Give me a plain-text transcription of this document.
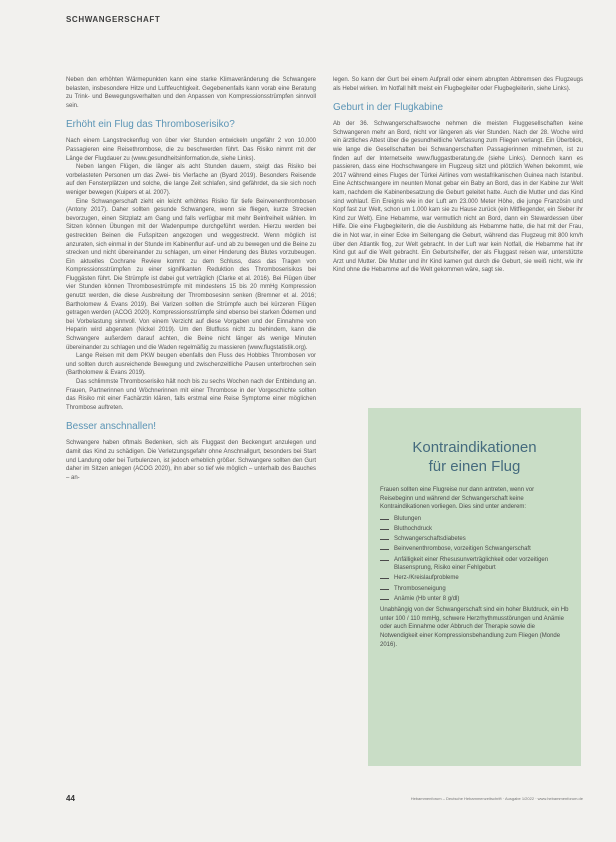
SCHWANGERSCHAFT

Neben den erhöhten Wärmepunkten kann eine starke Klimaveränderung die Schwangere belasten, insbesondere Hitze und Luftfeuchtigkeit. Gegebenenfalls kann vorab eine Beratung zu Trink- und Bewegungsverhalten und den Anpassen von Kompressionsstrümpfen sinnvoll sein.

Erhöht ein Flug das Thromboserisiko?

Nach einem Langstreckenflug von über vier Stunden entwickeln ungefähr 2 von 10.000 Passagieren eine Reisethrombose, die zu beschwerden führt. Das Risiko nimmt mit der Länge der Flugdauer zu (www.gesundheitsinformation.de, siehe Links).

Neben langen Flügen, die länger als acht Stunden dauern, steigt das Risiko bei vorbelasteten Personen um das Zwei- bis Vierfache an (Byard 2019). Besonders Reisende auf den Fensterplätzen und solche, die lange Zeit schlafen, sind gefährdet, da sie sich noch weniger bewegen (Kuipers et al. 2007).

Eine Schwangerschaft zieht ein leicht erhöhtes Risiko für tiefe Beinvenenthrombosen (Antony 2017). Daher sollten gesunde Schwangere, wenn sie fliegen, kurze Strecken bevorzugen, einen Sitzplatz am Gang und falls verfügbar mit mehr Beinfreiheit wählen. Im Sitzen können Übungen mit der Wadenpumpe durchgeführt werden. Hierzu werden bei gestreckten Beinen die Fußspitzen angezogen und weggestreckt. Wenn möglich ist anzuraten, sich einmal in der Stunde im Kabinenflur auf- und ab zu bewegen und die Beine zu strecken und nicht übereinander zu schlagen, um einer Hinderung des Blutes vorzubeugen. Ein aktuelles Cochrane Review kommt zu dem Schluss, dass das Tragen von Kompressionsstrümpfen zu einer signifikanten Reduktion des Thromboserisikos bei Fluggästen führt. Die Strümpfe ist dabei gut verträglich (Clarke et al. 2016). Bei Flügen über vier Stunden können Thrombosestrümpfe mit mindestens 15 bis 20 mmHg Kompression genutzt werden, die diese Ausbreitung der Thrombosesinn senken (Bremner et al. 2016; Bartholomew & Evans 2019). Bei Varizen sollten die Strümpfe auch bei kürzeren Flügen getragen werden (ACOG 2020). Kompressionsstrümpfe sind ebenso bei starken Ödemen und bei Vorbelastung sinnvoll. Von einem Verzicht auf diese Vorgaben und der Einnahme von Heparin wird abgeraten (Nickel 2019). Um den Blutfluss nicht zu behindern, kann die Schwangere außerdem darauf achten, die Beine nicht länger als wenige Minuten übereinander zu schlagen und die Waden regelmäßig zu massieren (www.flugstatistik.org).

Lange Reisen mit dem PKW beugen ebenfalls den Fluss des Hobbies Thrombosen vor und sollten durch ausreichende Bewegung und zwischenzeitliche Pausen unterbrochen sein (Bartholomew & Evans 2019).

Das schlimmste Thromboserisiko hält noch bis zu sechs Wochen nach der Entbindung an. Frauen, Partnerinnen und Wöchnerinnen mit einer Thrombose in der Vorgeschichte sollten das Risiko mit einer Fachärztin klären, falls erstmal eine Reise Symptome einer möglichen Thrombose auftreten.

Besser anschnallen!

Schwangere haben oftmals Bedenken, sich als Fluggast den Beckengurt anzulegen und damit das Kind zu schädigen. Die Verletzungsgefahr ohne Anschnallgurt, besonders bei Start und Landung oder bei Turbulenzen, ist jedoch erheblich größer. Schwangere sollten den Gurt daher im Sitzen anlegen (ACOG 2020), ihn aber so tief wie möglich – unterhalb des Bauches – an-

legen. So kann der Gurt bei einem Aufprall oder einem abrupten Abbremsen des Flugzeugs als Hebel wirken. Im Notfall hilft meist ein Flugbegleiter oder Flugbegleiterin, siehe Links).

Geburt in der Flugkabine

Ab der 36. Schwangerschaftswoche nehmen die meisten Fluggesellschaften keine Schwangeren mehr an Bord, nicht vor längeren als vier Stunden. Nach der 28. Woche wird ein ärztliches Attest über die gesundheitliche Verfassung zum Fliegen verlangt. Ein Überblick, wie lange die Gesellschaften bei Schwangerschaften Passagierinnen mitnehmen, ist zu finden auf der Internetseite www.fluggastberatung.de (siehe Links). Dennoch kann es passieren, dass eine Hochschwangere im Flugzeug sitzt und plötzlich Wehen bekommt, wie 2017 während eines Fluges der Türkei Airlines vom westafrikanischen Guinea nach Istanbul. Eine Achtschwangere im neunten Monat gebar ein Baby an Bord, das in der Kabine zur Welt kam, nachdem die Kabinenbesatzung die Geburt geleitet hatte. Auch die Mutter und das Kind sind wohlauf. Ein Ereignis wie in der Luft am 23.000 Meter Höhe, die junge Französin und Kopf fast zur Welt, schon um 1.000 kam sie zu Hause zurück (ein Mitfliegender, ein Sieber ihr Kind zur Welt). Eine Hebamme, war vermutlich nicht an Bord, dann ein Stewardessen über Hilfe. Die eine Flugbegleiterin, die die Ausbildung als Hebamme hatte, die hat mit der Frau, die in Not war, in einer Ecke im Seitengang die Geburt, während das Flugzeug mit 800 km/h über den Atlantik flog, zur Welt gebracht. In der Luft war kein Notfall, die Hebamme hat ihr Kind gut auf die Welt gebracht. Ein Geburtshelfer, der als Fluggast reisen war, unterstützte Arzt und Mutter. Die Mutter und ihr Kind kamen gut durch die Geburt, sie weiß nicht, wie ihr Kind ohne die Hebamme auf die Welt gekommen wäre, sagt sie.

Kontraindikationen
für einen Flug

Frauen sollten eine Flugreise nur dann antreten, wenn vor Reisebeginn und während der Schwangerschaft keine Kontraindikationen vorliegen. Dies sind unter anderem:

Blutungen
Bluthochdruck
Schwangerschaftsdiabetes
Beinvenenthrombose, vorzeitigen Schwangerschaft
Anfälligkeit einer Rhesusunverträglichkeit oder vorzeitigen Blasensprung, Risiko einer Fehlgeburt
Herz-/Kreislaufprobleme
Thromboseneigung
Anämie (Hb unter 8 g/dl)

Unabhängig von der Schwangerschaft sind ein hoher Blutdruck, ein Hb unter 100 / 110 mmHg, schwere Herzrhythmusstörungen und Anämie oder auch Einnahme oder Abbruch der Therapie sowie die Notwendigkeit einer Kompressionsbehandlung zum Fliegen (Monde 2016).

44	Hebammenforum – Deutsche Hebammenzeitschrift · Ausgabe 1/2022 · www.hebammenforum.de
